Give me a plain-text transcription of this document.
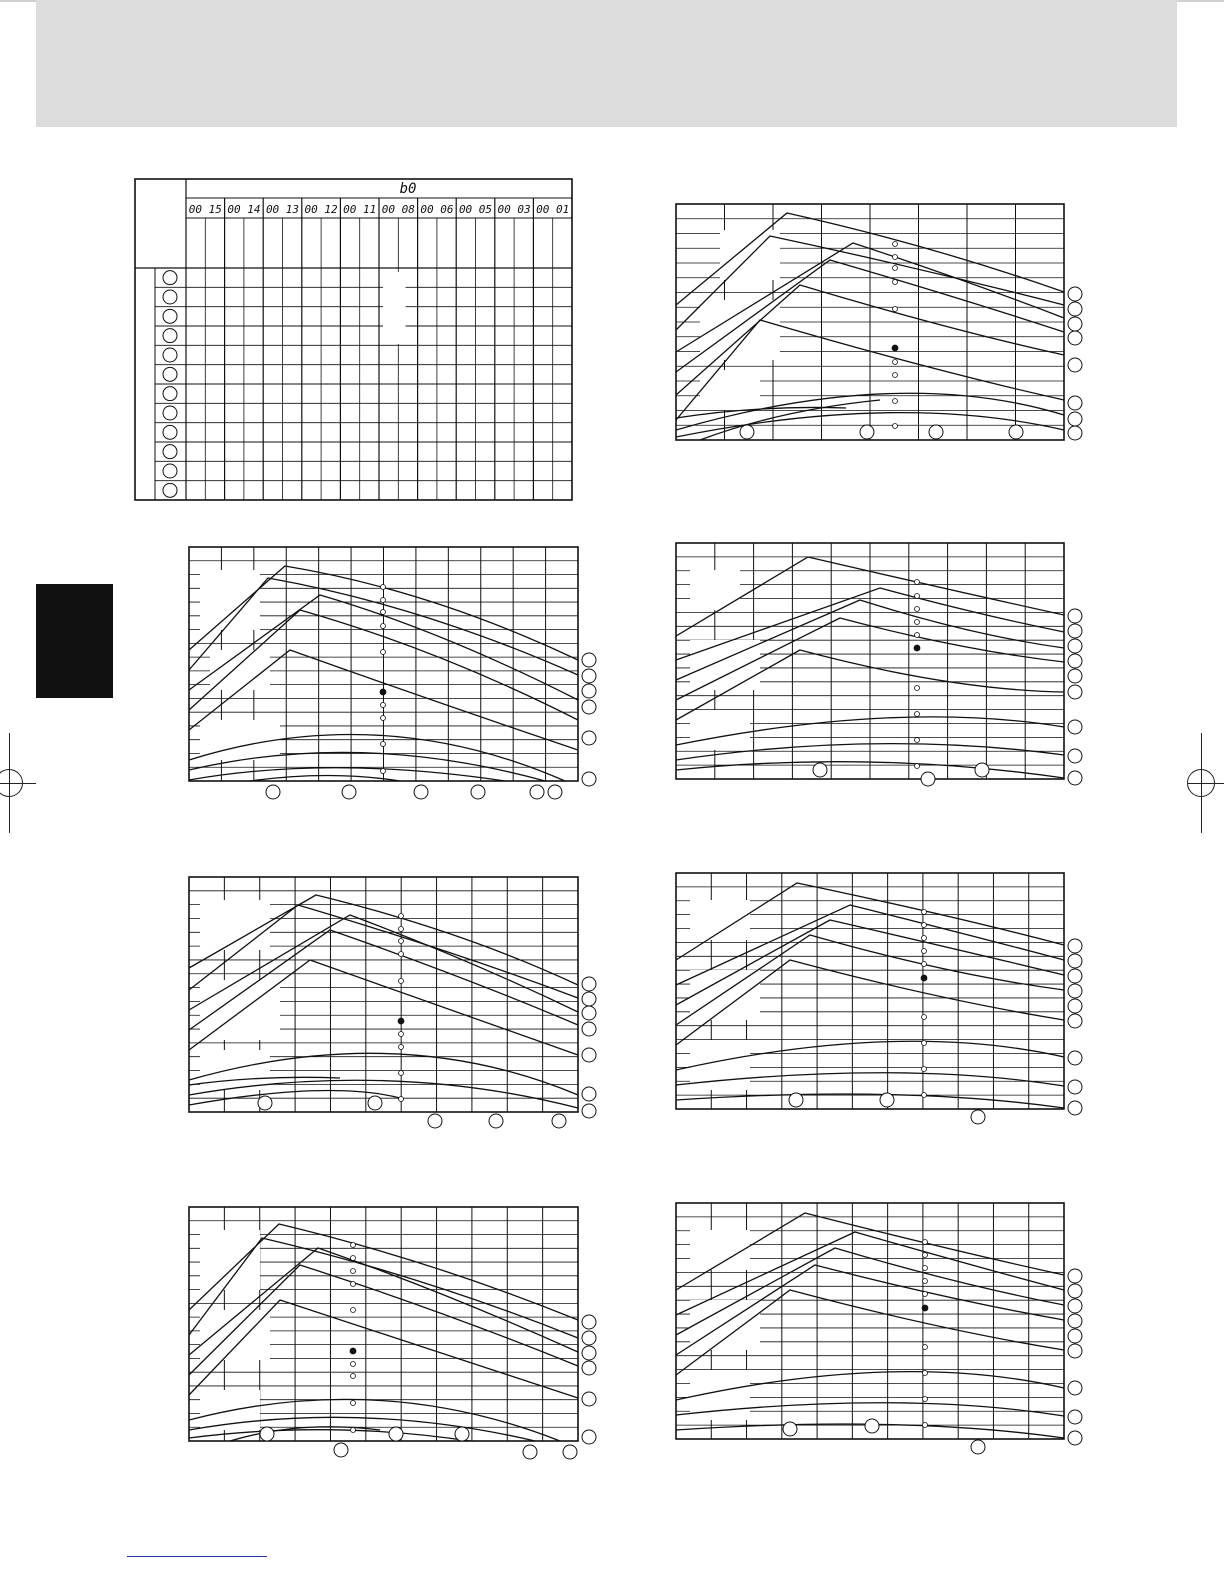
b0
00 15 00 14 00 13 00 12 00 11 00 08 00 06 00 05 00 03 00 01
